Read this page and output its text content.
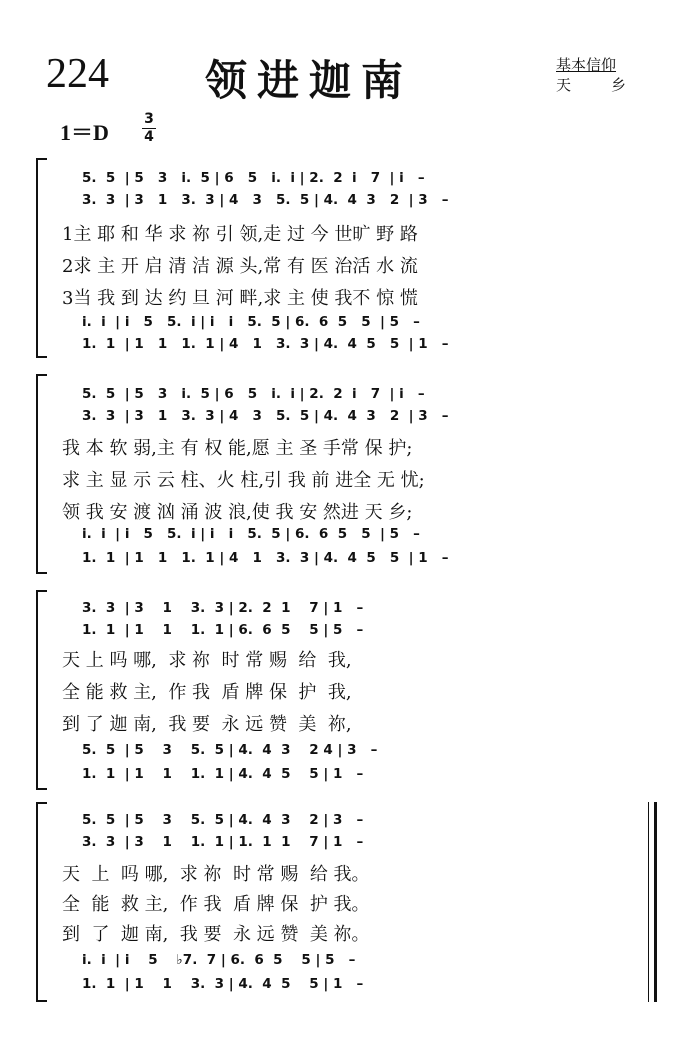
224 领进迦南	基本信仰
天乡
1＝D
3
4
5.  5  | 5   3   i.  5 | 6   5   i.  i | 2.  2  i   7  | i   –
3.  3  | 3   1   3.  3 | 4   3   5.  5 | 4.  4  3   2  | 3   –
1主 耶 和 华 求 祢 引 领,走 过 今 世旷 野 路
2求 主 开 启 清 洁 源 头,常 有 医 治活 水 流
3当 我 到 达 约 旦 河 畔,求 主 使 我不 惊 慌
i.  i  | i   5   5.  i | i   i   5.  5 | 6.  6  5   5  | 5   –
1.  1  | 1   1   1.  1 | 4   1   3.  3 | 4.  4  5   5  | 1   –
5.  5  | 5   3   i.  5 | 6   5   i.  i | 2.  2  i   7  | i   –
3.  3  | 3   1   3.  3 | 4   3   5.  5 | 4.  4  3   2  | 3   –
我 本 软 弱,主 有 权 能,愿 主 圣 手常 保 护;
求 主 显 示 云 柱、火 柱,引 我 前 进全 无 忧;
领 我 安 渡 汹 涌 波 浪,使 我 安 然进 天 乡;
i.  i  | i   5   5.  i | i   i   5.  5 | 6.  6  5   5  | 5   –
1.  1  | 1   1   1.  1 | 4   1   3.  3 | 4.  4  5   5  | 1   –
3.  3  | 3    1    3.  3 | 2.  2  1    7 | 1   –
1.  1  | 1    1    1.  1 | 6.  6  5    5 | 5   –
天 上 吗 哪,  求 祢  时 常 赐  给  我,
全 能 救 主,  作 我  盾 牌 保  护  我,
到 了 迦 南,  我 要  永 远 赞  美  祢,
5.  5  | 5    3    5.  5 | 4.  4  3    2 4 | 3   –
1.  1  | 1    1    1.  1 | 4.  4  5    5 | 1   –
5.  5  | 5    3    5.  5 | 4.  4  3    2 | 3   –
3.  3  | 3    1    1.  1 | 1.  1  1    7 | 1   –
天  上  吗 哪,  求 祢  时 常 赐  给 我。
全  能  救 主,  作 我  盾 牌 保  护 我。
到  了  迦 南,  我 要  永 远 赞  美 祢。
i.  i  | i    5    ♭7.  7 | 6.  6  5    5 | 5   –
1.  1  | 1    1    3.  3 | 4.  4  5    5 | 1   –
